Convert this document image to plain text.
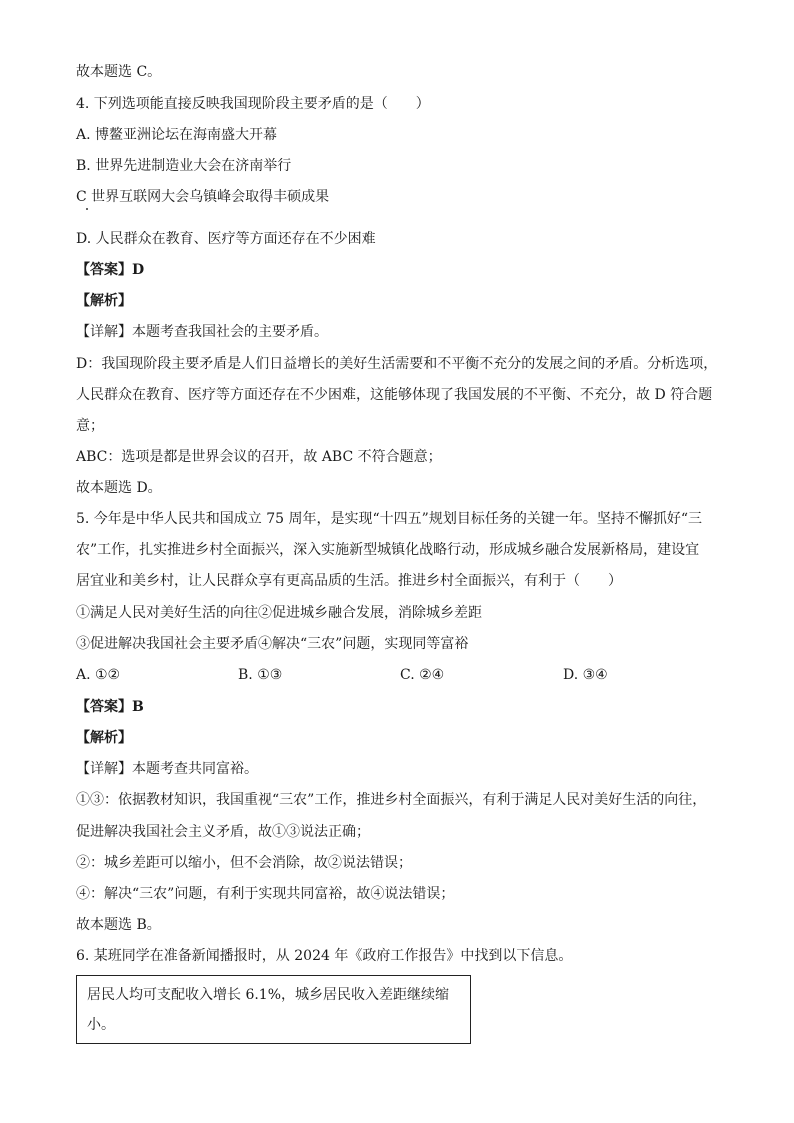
故本题选 C。
4. 下列选项能直接反映我国现阶段主要矛盾的是（　　）
A. 博鳌亚洲论坛在海南盛大开幕
B. 世界先进制造业大会在济南举行
C 世界互联网大会乌镇峰会取得丰硕成果
D. 人民群众在教育、医疗等方面还存在不少困难
【答案】D
【解析】
【详解】本题考查我国社会的主要矛盾。
D：我国现阶段主要矛盾是人们日益增长的美好生活需要和不平衡不充分的发展之间的矛盾。分析选项，
人民群众在教育、医疗等方面还存在不少困难，这能够体现了我国发展的不平衡、不充分，故 D 符合题
意；
ABC：选项是都是世界会议的召开，故 ABC 不符合题意；
故本题选 D。
5. 今年是中华人民共和国成立 75 周年，是实现“十四五”规划目标任务的关键一年。坚持不懈抓好“三
农”工作，扎实推进乡村全面振兴，深入实施新型城镇化战略行动，形成城乡融合发展新格局，建设宜
居宜业和美乡村，让人民群众享有更高品质的生活。推进乡村全面振兴，有利于（　　）
①满足人民对美好生活的向往②促进城乡融合发展，消除城乡差距
③促进解决我国社会主要矛盾④解决“三农”问题，实现同等富裕
A. ①②	B. ①③	C. ②④	D. ③④
【答案】B
【解析】
【详解】本题考查共同富裕。
①③：依据教材知识，我国重视“三农”工作，推进乡村全面振兴，有利于满足人民对美好生活的向往，
促进解决我国社会主义矛盾，故①③说法正确；
②：城乡差距可以缩小，但不会消除，故②说法错误；
④：解决“三农”问题，有利于实现共同富裕，故④说法错误；
故本题选 B。
6. 某班同学在准备新闻播报时，从 2024 年《政府工作报告》中找到以下信息。
居民人均可支配收入增长 6.1%，城乡居民收入差距继续缩
小。
